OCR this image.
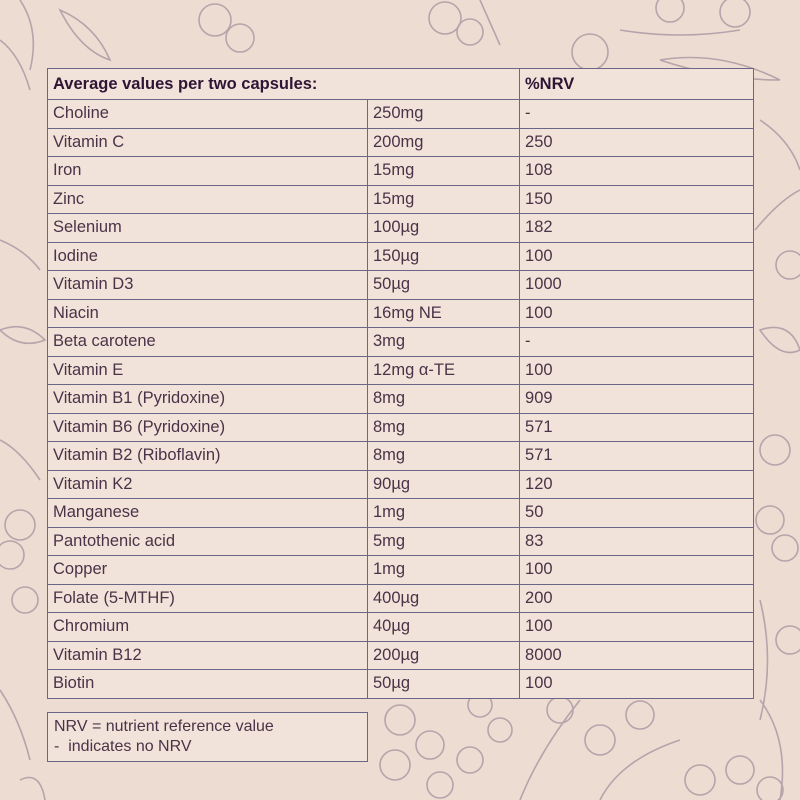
Average values per two capsules:		%NRV
Choline	250mg	-
Vitamin C	200mg	250
Iron	15mg	108
Zinc	15mg	150
Selenium	100µg	182
Iodine	150µg	100
Vitamin D3	50µg	1000
Niacin	16mg NE	100
Beta carotene	3mg	-
Vitamin E	12mg α-TE	100
Vitamin B1 (Pyridoxine)	8mg	909
Vitamin B6 (Pyridoxine)	8mg	571
Vitamin B2 (Riboflavin)	8mg	571
Vitamin K2	90µg	120
Manganese	1mg	50
Pantothenic acid	5mg	83
Copper	1mg	100
Folate (5-MTHF)	400µg	200
Chromium	40µg	100
Vitamin B12	200µg	8000
Biotin	50µg	100
NRV = nutrient reference value
-  indicates no NRV
